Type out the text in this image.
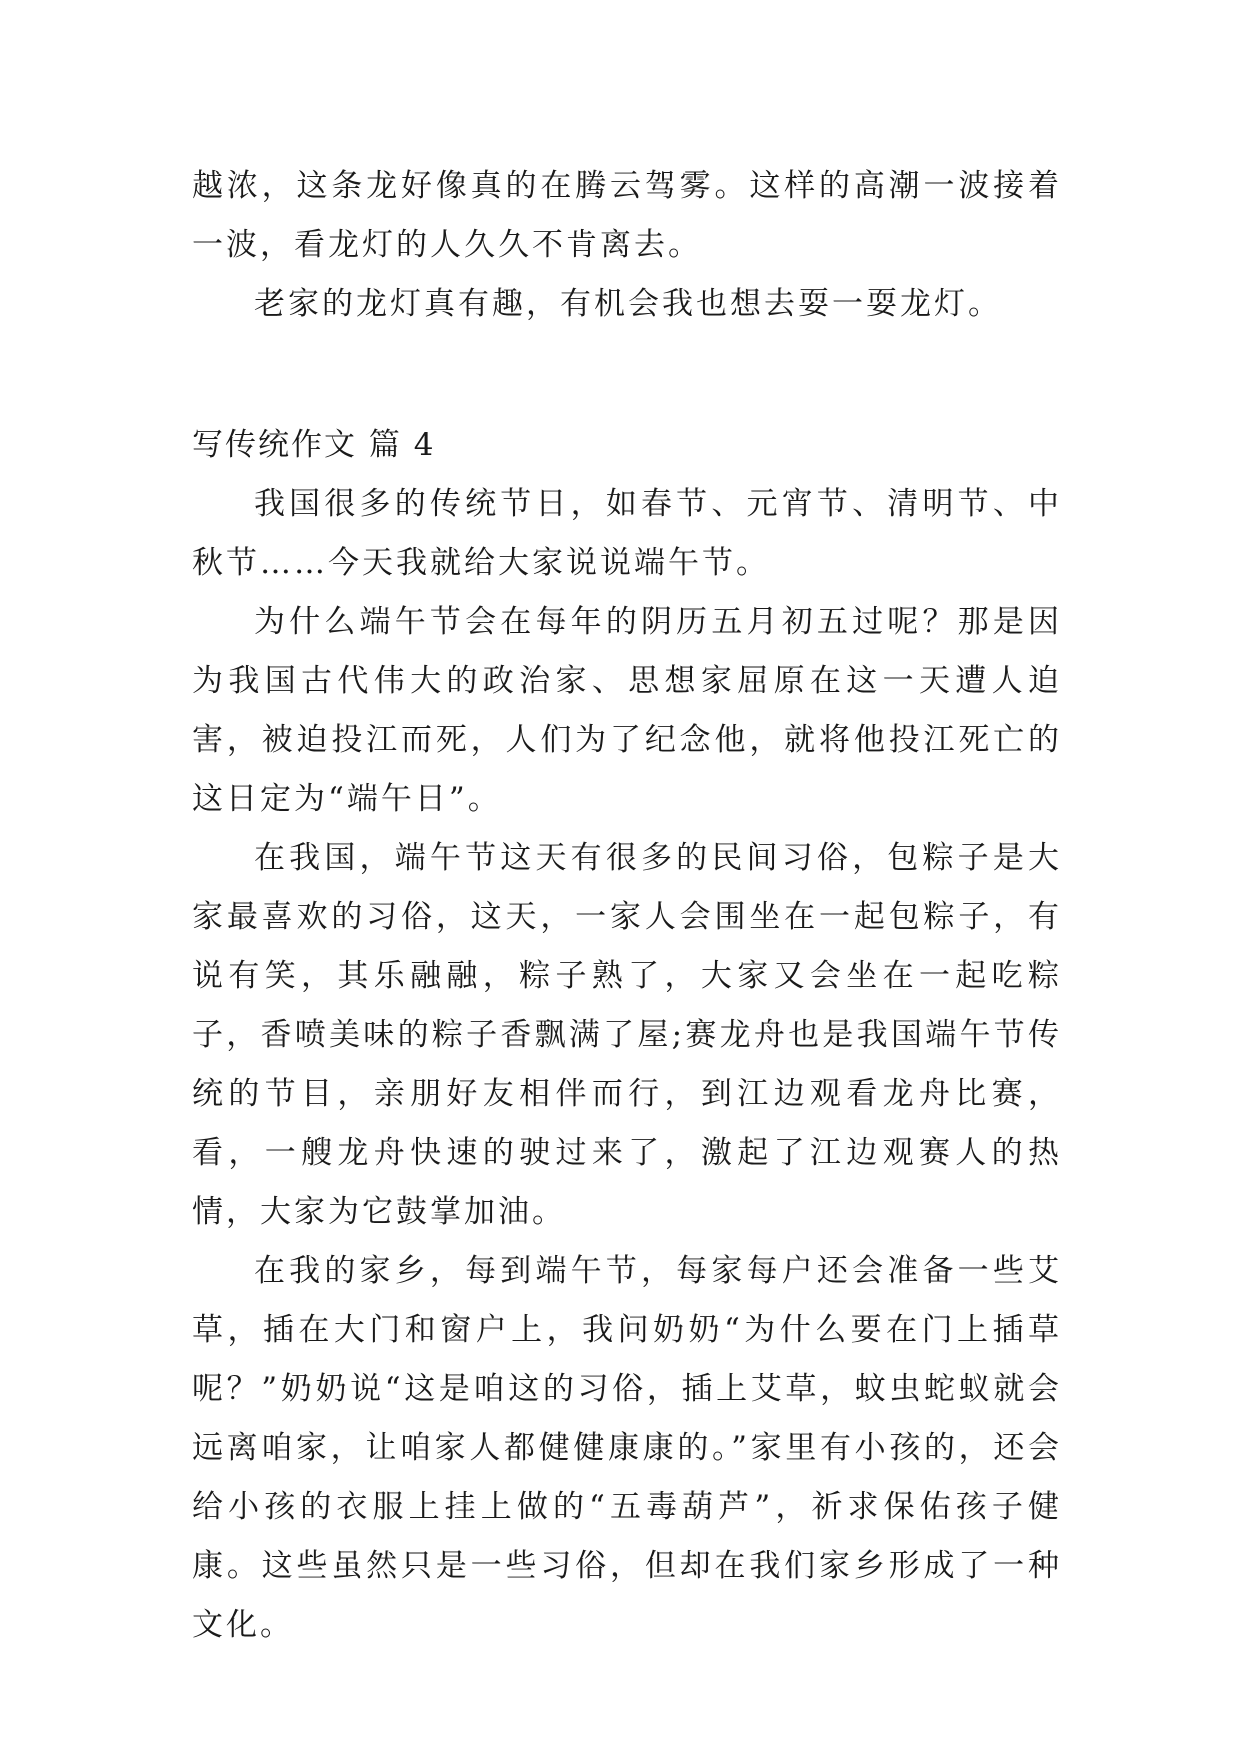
越浓，这条龙好像真的在腾云驾雾。这样的高潮一波接着一波，看龙灯的人久久不肯离去。

老家的龙灯真有趣，有机会我也想去耍一耍龙灯。

写传统作文 篇 4

我国很多的传统节日，如春节、元宵节、清明节、中秋节……今天我就给大家说说端午节。

为什么端午节会在每年的阴历五月初五过呢？那是因为我国古代伟大的政治家、思想家屈原在这一天遭人迫害，被迫投江而死，人们为了纪念他，就将他投江死亡的这日定为“端午日”。

在我国，端午节这天有很多的民间习俗，包粽子是大家最喜欢的习俗，这天，一家人会围坐在一起包粽子，有说有笑，其乐融融，粽子熟了，大家又会坐在一起吃粽子，香喷美味的粽子香飘满了屋;赛龙舟也是我国端午节传统的节目，亲朋好友相伴而行，到江边观看龙舟比赛，看，一艘龙舟快速的驶过来了，激起了江边观赛人的热情，大家为它鼓掌加油。

在我的家乡，每到端午节，每家每户还会准备一些艾草，插在大门和窗户上，我问奶奶“为什么要在门上插草呢？”奶奶说“这是咱这的习俗，插上艾草，蚊虫蛇蚁就会远离咱家，让咱家人都健健康康的。”家里有小孩的，还会给小孩的衣服上挂上做的“五毒葫芦”，祈求保佑孩子健康。这些虽然只是一些习俗，但却在我们家乡形成了一种文化。
